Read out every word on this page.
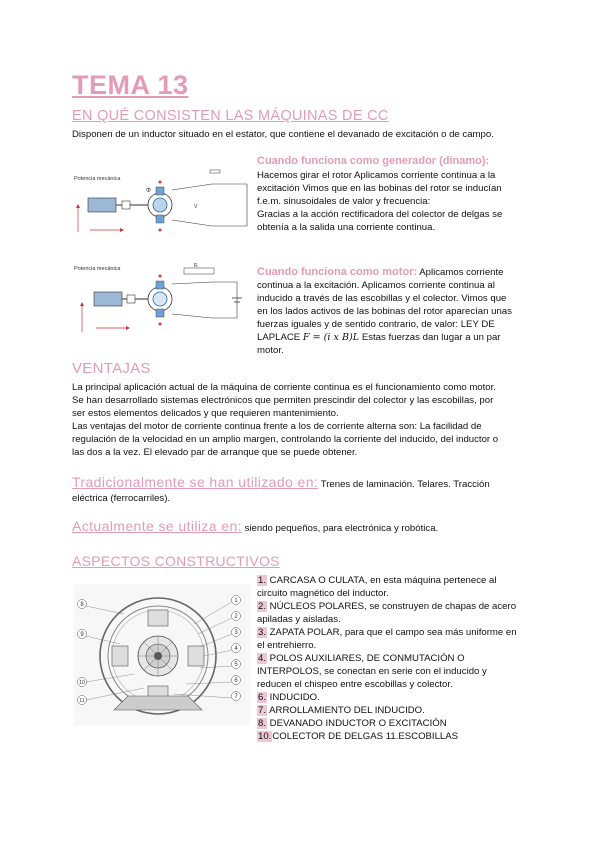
TEMA 13
EN QUÉ CONSISTEN LAS MÁQUINAS DE CC
Disponen de un inductor situado en el estator, que contiene el devanado de excitación o de campo.
Potencia mecánica
Φ
V
Cuando funciona como generador (dinamo):
Hacemos girar el rotor Aplicamos corriente continua a la
excitación Vimos que en las bobinas del rotor se inducían
f.e.m. sinusoidales de valor y frecuencia:
Gracias a la acción rectificadora del colector de delgas se
obtenía a la salida una corriente continua.
Potencia mecánica	R	Cuando funciona como motor: Aplicamos corriente
continua a la excitación. Aplicamos corriente continua al
inducido a través de las escobillas y el colector. Vimos que
en los lados activos de las bobinas del rotor aparecían unas
fuerzas iguales y de sentido contrario, de valor: LEY DE
LAPLACE F = (i x B)L Estas fuerzas dan lugar a un par
motor.
VENTAJAS
La principal aplicación actual de la máquina de corriente continua es el funcionamiento como motor.
Se han desarrollado sistemas electrónicos que permiten prescindir del colector y las escobillas, por
ser estos elementos delicados y que requieren mantenimiento.
Las ventajas del motor de corriente continua frente a los de corriente alterna son: La facilidad de
regulación de la velocidad en un amplio margen, controlando la corriente del inducido, del inductor o
las dos a la vez. El elevado par de arranque que se puede obtener.
Tradicionalmente se han utilizado en: Trenes de laminación. Telares. Tracción
eléctrica (ferrocarriles).
Actualmente se utiliza en: siendo pequeños, para electrónica y robótica.
ASPECTOS CONSTRUCTIVOS
1
2
3
4
5
6
7
8
9
10
11
1. CARCASA O CULATA, en esta máquina pertenece al
circuito magnético del inductor.
2. NÚCLEOS POLARES, se construyen de chapas de acero
apiladas y aisladas.
3. ZAPATA POLAR, para que el campo sea más uniforme en
el entrehierro.
4. POLOS AUXILIARES, DE CONMUTACIÓN O
INTERPOLOS, se conectan en serie con el inducido y
reducen el chispeo entre escobillas y colector.
6. INDUCIDO.
7. ARROLLAMIENTO DEL INDUCIDO.
8. DEVANADO INDUCTOR O EXCITACIÓN
10.COLECTOR DE DELGAS 11.ESCOBILLAS
